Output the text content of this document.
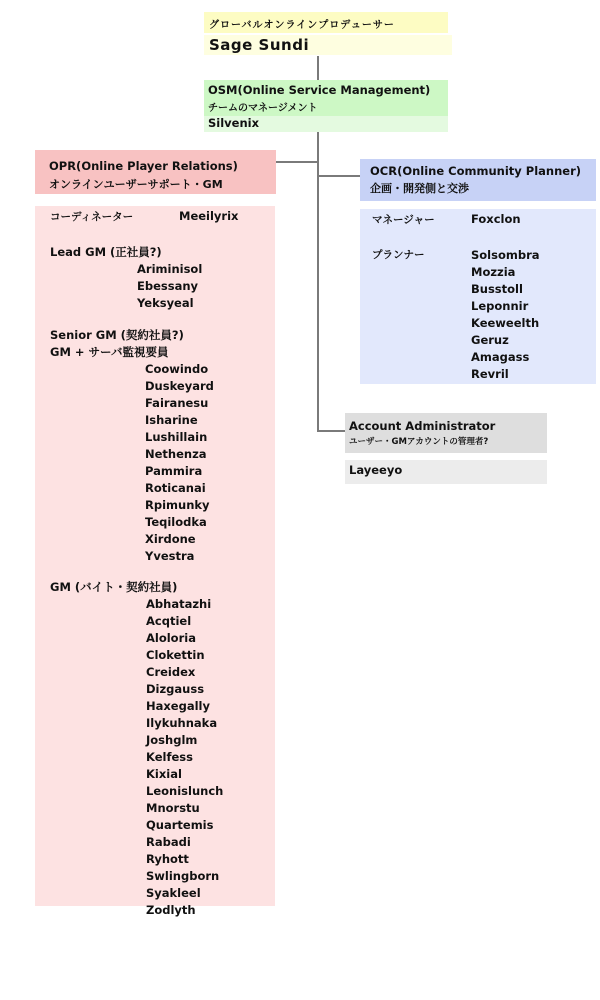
グローバルオンラインプロデューサー
Sage Sundi
OSM(Online Service Management)
チームのマネージメント
Silvenix
OPR(Online Player Relations)
オンラインユーザーサポート・GM
コーディネーター	Meeilyrix
Lead GM (正社員?)
Ariminisol
Ebessany
Yeksyeal
Senior GM (契約社員?)
GM + サーバ監視要員
Coowindo
Duskeyard
Fairanesu
Isharine
Lushillain
Nethenza
Pammira
Roticanai
Rpimunky
Teqilodka
Xirdone
Yvestra
GM (バイト・契約社員)
Abhatazhi
Acqtiel
Aloloria
Clokettin
Creidex
Dizgauss
Haxegally
Ilykuhnaka
Joshglm
Kelfess
Kixial
Leonislunch
Mnorstu
Quartemis
Rabadi
Ryhott
Swlingborn
Syakleel
Zodlyth
OCR(Online Community Planner)
企画・開発側と交渉
マネージャー	Foxclon
プランナー	Solsombra
Mozzia
Busstoll
Leponnir
Keeweelth
Geruz
Amagass
Revril
Account Administrator
ユーザー・GMアカウントの管理者?
Layeeyo
